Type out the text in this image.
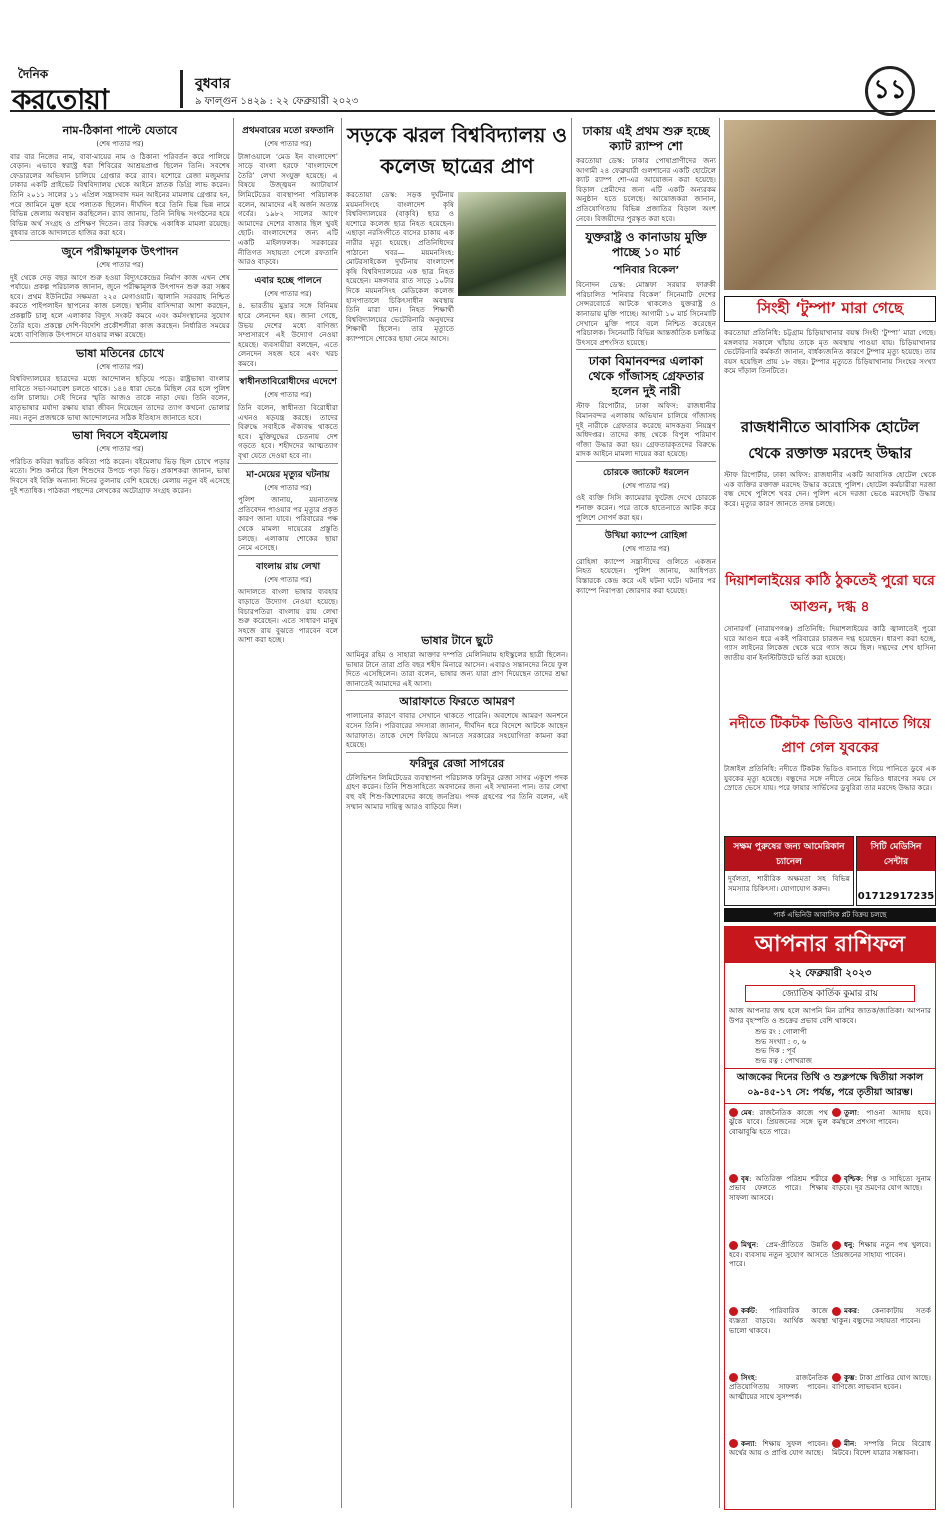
দৈনিক
করতোয়া	বুধবার
৯ ফাল্গুন ১৪২৯ : ২২ ফেব্রুয়ারী ২০২৩	১১
নাম-ঠিকানা পাল্টে যেতাবে
(শেষ পাতার পর)

বার বার নিজের নাম, বাবা-মায়ের নাম ও ঠিকানা পরিবর্তন করে পালিয়ে বেড়ান। এভাবে স্বরাস্ট্র ধরা শিবিরের আশ্রয়প্রাপ্ত ছিলেন তিনি। সবশেষ ফেডারলের অভিযান চালিয়ে গ্রেপ্তার করে র‍্যাব। যশোরে রেজা মজুমদার ঢাকার একটি প্রাইভেট বিশ্ববিদ্যালয় থেকে আইনে স্নাতক ডিগ্রি লাভ করেন। তিনি ২০১১ সালের ১১ এপ্রিল সন্ত্রাসবাদ দমন আইনের মামলায় গ্রেপ্তার হন, পরে জামিনে মুক্ত হয়ে পলাতক ছিলেন। দীর্ঘদিন ধরে তিনি ভিন্ন ভিন্ন নামে বিভিন্ন জেলায় অবস্থান করছিলেন। র‍্যাব জানায়, তিনি নিষিদ্ধ সংগঠনের হয়ে বিভিন্ন অর্থ সংগ্রহ ও প্রশিক্ষণ দিতেন। তার বিরুদ্ধে একাধিক মামলা রয়েছে। বুধবার তাকে আদালতে হাজির করা হবে।

জুনে পরীক্ষামূলক উৎপাদন
(শেষ পাতার পর)

দুই থেকে দেড় বছর আগে শুরু হওয়া বিদ্যুৎকেন্দ্রের নির্মাণ কাজ এখন শেষ পর্যায়ে। প্রকল্প পরিচালক জানান, জুনে পরীক্ষামূলক উৎপাদন শুরু করা সম্ভব হবে। প্রথম ইউনিটের সক্ষমতা ২২৫ মেগাওয়াট। জ্বালানি সরবরাহ নিশ্চিত করতে পাইপলাইন স্থাপনের কাজ চলছে। স্থানীয় বাসিন্দারা আশা করছেন, প্রকল্পটি চালু হলে এলাকার বিদ্যুৎ সংকট কমবে এবং কর্মসংস্থানের সুযোগ তৈরি হবে। প্রকল্পে দেশি-বিদেশি প্রকৌশলীরা কাজ করছেন। নির্ধারিত সময়ের মধ্যে বাণিজ্যিক উৎপাদনে যাওয়ার লক্ষ্য রয়েছে।

ভাষা মতিনের চোখে
(শেষ পাতার পর)

বিশ্ববিদ্যালয়ের ছাত্রদের মধ্যে আন্দোলন ছড়িয়ে পড়ে। রাষ্ট্রভাষা বাংলার দাবিতে সভা-সমাবেশ চলতে থাকে। ১৪৪ ধারা ভেঙে মিছিল বের হলে পুলিশ গুলি চালায়। সেই দিনের স্মৃতি আজও তাকে নাড়া দেয়। তিনি বলেন, মাতৃভাষার মর্যাদা রক্ষায় যারা জীবন দিয়েছেন তাদের ত্যাগ কখনো ভোলার নয়। নতুন প্রজন্মকে ভাষা আন্দোলনের সঠিক ইতিহাস জানাতে হবে।

ভাষা দিবসে বইমেলায়
(শেষ পাতার পর)

পরিচিত কবিরা স্বরচিত কবিতা পাঠ করেন। বইমেলায় ভিড় ছিল চোখে পড়ার মতো। শিশু কর্নারে ছিল শিশুদের উপচে পড়া ভিড়। প্রকাশকরা জানান, ভাষা দিবসে বই বিক্রি অন্যান্য দিনের তুলনায় বেশি হয়েছে। মেলায় নতুন বই এসেছে দুই শতাধিক। পাঠকরা পছন্দের লেখকের অটোগ্রাফ সংগ্রহ করেন।

প্রথমবারের মতো রফতানি
(শেষ পাতার পর)

টাঙ্গাওয়ালে ‘মেড ইন বাংলাদেশ’ সাড়ে বাংলা হরফে ‘বাংলাদেশে তৈরি’ লেখা সংযুক্ত হয়েছে। এ বিষয়ে উজ্জ্বয়ন অ্যাটায়ার্স লিমিটেডের ব্যবস্থাপনা পরিচালক বলেন, আমাদের এই অর্জন অত্যন্ত গর্বের। ১৯৮২ সালের আগে আমাদের দেশের বাজার ছিল খুবই ছোট। বাংলাদেশের জন্য এটি একটি মাইলফলক। সরকারের নীতিগত সহায়তা পেলে রফতানি আরও বাড়বে।

এবার হচ্ছে পালনে
(শেষ পাতার পর)

৪. ভারতীয় মুদ্রার সঙ্গে বিনিময় হারে লেনদেন হয়। জানা গেছে, উভয় দেশের মধ্যে বাণিজ্য সম্প্রসারণে এই উদ্যোগ নেওয়া হয়েছে। ব্যবসায়ীরা বলছেন, এতে লেনদেন সহজ হবে এবং খরচ কমবে।

স্বাধীনতাবিরোধীদের এদেশে
(শেষ পাতার পর)

তিনি বলেন, স্বাধীনতা বিরোধীরা এখনও ষড়যন্ত্র করছে। তাদের বিরুদ্ধে সবাইকে ঐক্যবদ্ধ থাকতে হবে। মুক্তিযুদ্ধের চেতনায় দেশ গড়তে হবে। শহীদদের আত্মত্যাগ বৃথা যেতে দেওয়া হবে না।

মা-মেয়ের মৃত্যুর ঘটনায়
(শেষ পাতার পর)

পুলিশ জানায়, ময়নাতদন্ত প্রতিবেদন পাওয়ার পর মৃত্যুর প্রকৃত কারণ জানা যাবে। পরিবারের পক্ষ থেকে মামলা দায়েরের প্রস্তুতি চলছে। এলাকায় শোকের ছায়া নেমে এসেছে।

বাংলায় রায় লেখা
(শেষ পাতার পর)

আদালতে বাংলা ভাষার ব্যবহার বাড়াতে উদ্যোগ নেওয়া হয়েছে। বিচারপতিরা বাংলায় রায় লেখা শুরু করেছেন। এতে সাধারণ মানুষ সহজে রায় বুঝতে পারবেন বলে আশা করা হচ্ছে।

সড়কে ঝরল বিশ্ববিদ্যালয় ও কলেজ ছাত্রের প্রাণ

করতোয়া ডেস্ক: সড়ক দুর্ঘটনায় ময়মনসিংহে বাংলাদেশ কৃষি বিশ্ববিদ্যালয়ের (বাকৃবি) ছাত্র ও যশোরে কলেজ ছাত্র নিহত হয়েছেন। এছাড়া নরসিংদীতে বাসের চাকায় এক নারীর মৃত্যু হয়েছে। প্রতিনিধিদের পাঠানো খবর— ময়মনসিংহ: মোটরসাইকেল দুর্ঘটনায় বাংলাদেশ কৃষি বিশ্ববিদ্যালয়ের এক ছাত্র নিহত হয়েছেন। মঙ্গলবার রাত সাড়ে ১০টার দিকে ময়মনসিংহ মেডিকেল কলেজ হাসপাতালে চিকিৎসাধীন অবস্থায় তিনি মারা যান। নিহত শিক্ষার্থী বিশ্ববিদ্যালয়ের ভেটেরিনারি অনুষদের শিক্ষার্থী ছিলেন। তার মৃত্যুতে ক্যাম্পাসে শোকের ছায়া নেমে আসে।

ভাষার টানে ছুটে

আমিনুর রহিম ও সাহারা আক্তার দম্পতি মেলিনিয়াম হাইস্কুলের ছাত্রী ছিলেন। ভাষার টানে তারা প্রতি বছর শহীদ মিনারে আসেন। এবারও সন্তানদের নিয়ে ফুল দিতে এসেছিলেন। তারা বলেন, ভাষার জন্য যারা প্রাণ দিয়েছেন তাদের শ্রদ্ধা জানাতেই আমাদের এই আসা।

আরাফাতে ফিরতে আমরণ

পালানোর কারণে বাবার সেখানে থাকতে পারেনি। অবশেষে আমরণ অনশনে বসেন তিনি। পরিবারের সদস্যরা জানান, দীর্ঘদিন ধরে বিদেশে আটকে আছেন আরাফাত। তাকে দেশে ফিরিয়ে আনতে সরকারের সহযোগিতা কামনা করা হয়েছে।

ফরিদুর রেজা সাগরের

টেলিভিশন লিমিটেডের ব্যবস্থাপনা পরিচালক ফরিদুর রেজা সাগর একুশে পদক গ্রহণ করেন। তিনি শিশুসাহিত্যে অবদানের জন্য এই সম্মাননা পান। তার লেখা বহু বই শিশু-কিশোরদের কাছে জনপ্রিয়। পদক গ্রহণের পর তিনি বলেন, এই সম্মান আমার দায়িত্ব আরও বাড়িয়ে দিল।

ঢাকায় এই প্রথম শুরু হচ্ছে ক্যাট র‍্যাম্প শো

করতোয়া ডেস্ক: ঢাকার পোষাপ্রাণীদের জন্য আগামী ২৪ ফেব্রুয়ারী গুলশানের একটি হোটেলে ক্যাট র‍্যাম্প শো-এর আয়োজন করা হয়েছে। বিড়াল প্রেমীদের জন্য এটি একটি অন্যরকম অনুষ্ঠান হতে চলেছে। আয়োজকরা জানান, প্রতিযোগিতায় বিভিন্ন প্রজাতির বিড়াল অংশ নেবে। বিজয়ীদের পুরস্কৃত করা হবে।

যুক্তরাষ্ট্র ও কানাডায় মুক্তি পাচ্ছে ১০ মার্চ
‘শনিবার বিকেল’

বিনোদন ডেস্ক: মোস্তফা সরয়ার ফারুকী পরিচালিত ‘শনিবার বিকেল’ সিনেমাটি দেশের সেন্সরবোর্ডে আটকে থাকলেও যুক্তরাষ্ট্র ও কানাডায় মুক্তি পাচ্ছে। আগামী ১০ মার্চ সিনেমাটি সেখানে মুক্তি পাবে বলে নিশ্চিত করেছেন পরিচালক। সিনেমাটি বিভিন্ন আন্তর্জাতিক চলচ্চিত্র উৎসবে প্রশংসিত হয়েছে।

ঢাকা বিমানবন্দর এলাকা থেকে গাঁজাসহ গ্রেফতার হলেন দুই নারী

স্টাফ রিপোর্টার, ঢাকা অফিস: রাজধানীর বিমানবন্দর এলাকায় অভিযান চালিয়ে গাঁজাসহ দুই নারীকে গ্রেফতার করেছে মাদকদ্রব্য নিয়ন্ত্রণ অধিদপ্তর। তাদের কাছ থেকে বিপুল পরিমাণ গাঁজা উদ্ধার করা হয়। গ্রেফতারকৃতদের বিরুদ্ধে মাদক আইনে মামলা দায়ের করা হয়েছে।

চোরকে জ্যাকেট ধরলেন
(শেষ পাতার পর)

ওই ব্যক্তি সিসি ক্যামেরার ফুটেজ দেখে চোরকে শনাক্ত করেন। পরে তাকে হাতেনাতে আটক করে পুলিশে সোপর্দ করা হয়।

উখিয়া ক্যাম্পে রোহিঙ্গা
(শেষ পাতার পর)

রোহিঙ্গা ক্যাম্পে সন্ত্রাসীদের গুলিতে একজন নিহত হয়েছেন। পুলিশ জানায়, আধিপত্য বিস্তারকে কেন্দ্র করে এই ঘটনা ঘটে। ঘটনার পর ক্যাম্পে নিরাপত্তা জোরদার করা হয়েছে।

সিংহী ‘টুম্পা’ মারা গেছে

করতোয়া প্রতিনিধি: চট্টগ্রাম চিড়িয়াখানার বয়স্ক সিংহী ‘টুম্পা’ মারা গেছে। মঙ্গলবার সকালে খাঁচায় তাকে মৃত অবস্থায় পাওয়া যায়। চিড়িয়াখানার ভেটেরিনারি কর্মকর্তা জানান, বার্ধক্যজনিত কারণে টুম্পার মৃত্যু হয়েছে। তার বয়স হয়েছিল প্রায় ১৮ বছর। টুম্পার মৃত্যুতে চিড়িয়াখানায় সিংহের সংখ্যা কমে দাঁড়াল তিনটিতে।

রাজধানীতে আবাসিক হোটেল থেকে রক্তাক্ত মরদেহ উদ্ধার

স্টাফ রিপোর্টার, ঢাকা অফিস: রাজধানীর একটি আবাসিক হোটেল থেকে এক ব্যক্তির রক্তাক্ত মরদেহ উদ্ধার করেছে পুলিশ। হোটেল কর্মচারীরা দরজা বন্ধ দেখে পুলিশে খবর দেন। পুলিশ এসে দরজা ভেঙে মরদেহটি উদ্ধার করে। মৃত্যুর কারণ জানতে তদন্ত চলছে।

দিয়াশলাইয়ের কাঠি ঠুকতেই পুরো ঘরে আগুন, দগ্ধ ৪

সোনারগাঁ (নারায়ণগঞ্জ) প্রতিনিধি: দিয়াশলাইয়ের কাঠি জ্বালাতেই পুরো ঘরে আগুন ধরে একই পরিবারের চারজন দগ্ধ হয়েছেন। ধারণা করা হচ্ছে, গ্যাস লাইনের লিকেজ থেকে ঘরে গ্যাস জমে ছিল। দগ্ধদের শেখ হাসিনা জাতীয় বার্ন ইনস্টিটিউটে ভর্তি করা হয়েছে।

নদীতে টিকটক ভিডিও বানাতে গিয়ে প্রাণ গেল যুবকের

টাঙ্গাইল প্রতিনিধি: নদীতে টিকটক ভিডিও বানাতে গিয়ে পানিতে ডুবে এক যুবকের মৃত্যু হয়েছে। বন্ধুদের সঙ্গে নদীতে নেমে ভিডিও ধারণের সময় সে স্রোতে ভেসে যায়। পরে ফায়ার সার্ভিসের ডুবুরিরা তার মরদেহ উদ্ধার করে।

সক্ষম পুরুষের জন্য আমেরিকান চ্যানেল
দুর্বলতা, শারীরিক অক্ষমতা সহ বিভিন্ন সমস্যার চিকিৎসা। যোগাযোগ করুন।
সিটি মেডিসিন সেন্টার
01712917235
পার্ক এভিনিউ আবাসিক প্লট বিক্রয় চলছে
আপনার রাশিফল
২২ ফেব্রুয়ারী ২০২৩
জ্যোতিষ কার্তিক কুমার রায়
আজ আপনার জন্ম হলে আপনি মিন রাশির জাতক/জাতিকা। আপনার উপর বৃহস্পতি ও শুক্রের প্রভাব বেশি থাকবে।
শুভ রং : গোলাপী
শুভ সংখ্যা : ৩, ৬
শুভ দিক : পূর্ব
শুভ রত্ন : পোখরাজ
আজকের দিনের তিথি ও শুক্লপক্ষে দ্বিতীয়া সকাল ০৯-৪৫-১৭ সে: পর্যন্ত, পরে তৃতীয়া আরম্ভ।
মেষ: রাজনৈতিক কাজে পথ ঝুঁকে যাবে। প্রিয়জনের সঙ্গে ভুল বোঝাবুঝি হতে পারে।
তুলা: পাওনা আদায় হবে। কর্মস্থলে প্রশংসা পাবেন।
বৃষ: অতিরিক্ত পরিশ্রম শরীরে প্রভাব ফেলতে পারে। শিক্ষায় সাফল্য আসবে।
বৃশ্চিক: শিল্প ও সাহিত্যে সুনাম বাড়বে। দূর ভ্রমণের যোগ আছে।
মিথুন: প্রেম-প্রীতিতে উন্নতি হবে। ব্যবসায় নতুন সুযোগ আসতে পারে।
ধনু: শিক্ষায় নতুন পথ খুলবে। প্রিয়জনের সাহায্য পাবেন।
কর্কট: পারিবারিক কাজে ব্যস্ততা বাড়বে। আর্থিক অবস্থা ভালো থাকবে।
মকর: কেনাকাটায় সতর্ক থাকুন। বন্ধুদের সহায়তা পাবেন।
সিংহ: রাজনৈতিক প্রতিযোগিতায় সাফল্য পাবেন। আত্মীয়ের সাথে সুসম্পর্ক।
কুম্ভ: টাকা প্রাপ্তির যোগ আছে। বাণিজ্যে লাভবান হবেন।
কন্যা: শিক্ষায় সুফল পাবেন। অর্থের আয় ও প্রাপ্তি যোগ আছে।
মীন: সম্পত্তি নিয়ে বিরোধ মিটবে। বিদেশ যাত্রার সম্ভাবনা।
